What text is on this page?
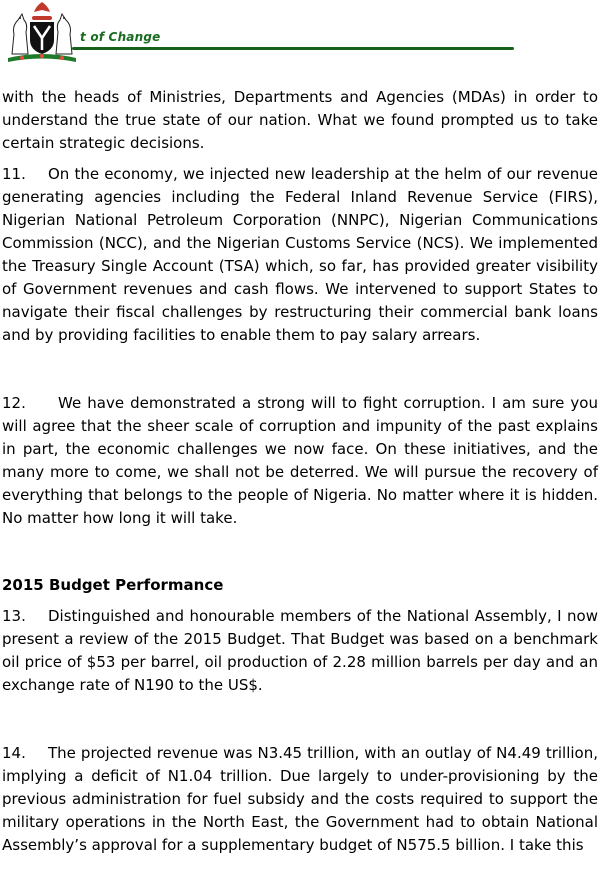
t of Change

with the heads of Ministries, Departments and Agencies (MDAs) in order to understand the true state of our nation. What we found prompted us to take certain strategic decisions.

11. On the economy, we injected new leadership at the helm of our revenue generating agencies including the Federal Inland Revenue Service (FIRS), Nigerian National Petroleum Corporation (NNPC), Nigerian Communications Commission (NCC), and the Nigerian Customs Service (NCS). We implemented the Treasury Single Account (TSA) which, so far, has provided greater visibility of Government revenues and cash flows. We intervened to support States to navigate their fiscal challenges by restructuring their commercial bank loans and by providing facilities to enable them to pay salary arrears.

12. We have demonstrated a strong will to fight corruption. I am sure you will agree that the sheer scale of corruption and impunity of the past explains in part, the economic challenges we now face. On these initiatives, and the many more to come, we shall not be deterred. We will pursue the recovery of everything that belongs to the people of Nigeria. No matter where it is hidden. No matter how long it will take.

2015 Budget Performance

13. Distinguished and honourable members of the National Assembly, I now present a review of the 2015 Budget. That Budget was based on a benchmark oil price of $53 per barrel, oil production of 2.28 million barrels per day and an exchange rate of N190 to the US$.

14. The projected revenue was N3.45 trillion, with an outlay of N4.49 trillion, implying a deficit of N1.04 trillion. Due largely to under-provisioning by the previous administration for fuel subsidy and the costs required to support the military operations in the North East, the Government had to obtain National Assembly’s approval for a supplementary budget of N575.5 billion. I take this
